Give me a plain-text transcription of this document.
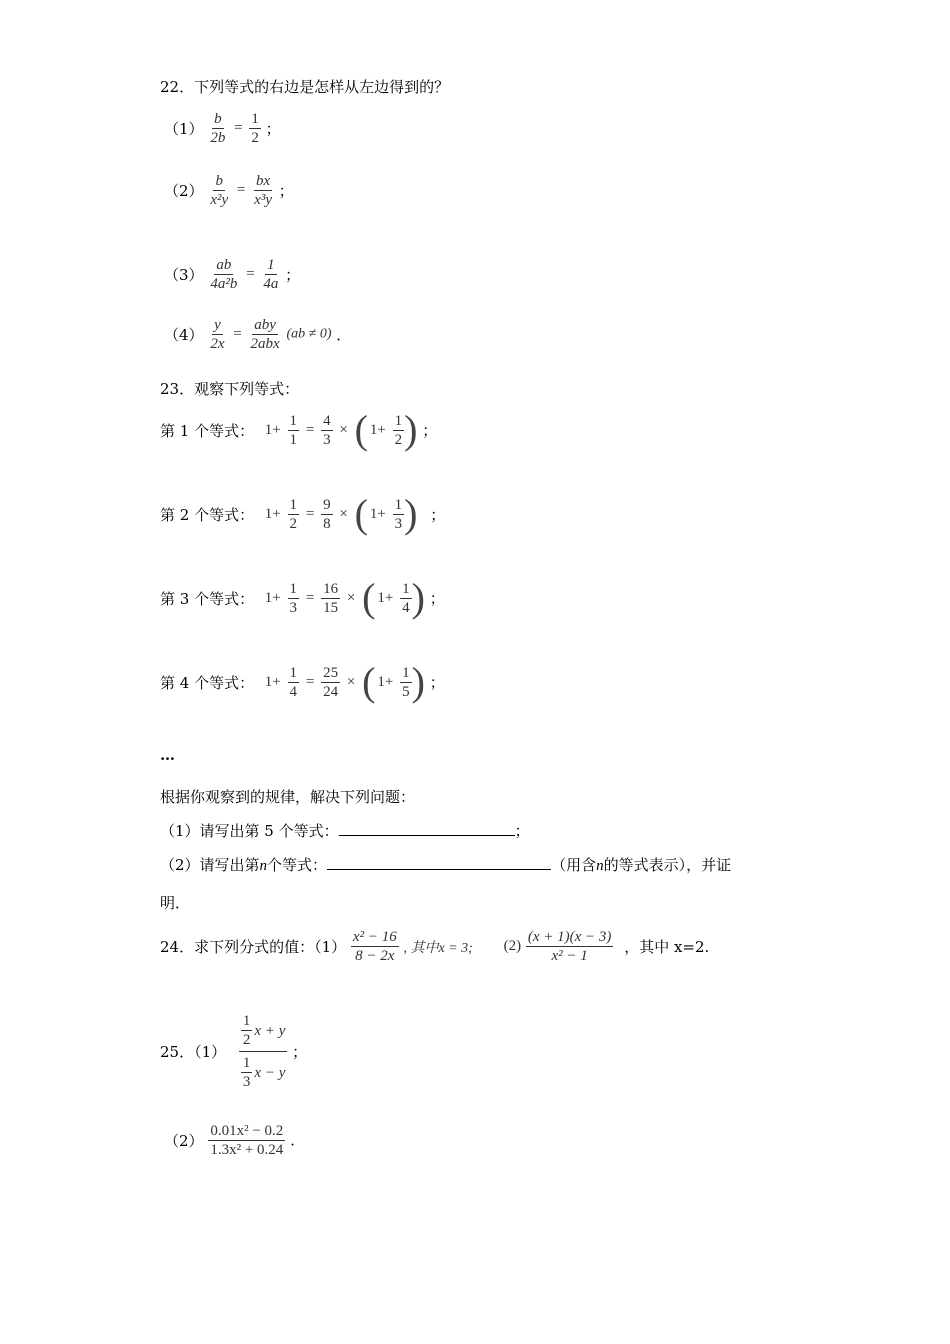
22．下列等式的右边是怎样从左边得到的？
$(1) \frac{b}{2b} = \frac{1}{2}$ ；
$(2) \frac{b}{\text{x²y}} = \frac{bx}{\text{x³y}}$ ；
$(3) \frac{ab}{\text{4a²b}} = \frac{1}{4a}$ ；
$(4) \frac{y}{2x} = \frac{\text{aby}}{\text{2abx}} (ab \ne 0)$ ．
23．观察下列等式：
第 1 个等式： $1+ \frac{1}{1} = \frac{4}{3}$ × ( $1+ \frac{1}{2}$ ) ；
第 2 个等式： $1+ \frac{1}{2} = \frac{9}{8}$ × ( $1+ \frac{1}{3}$ ) ；
第 3 个等式： $1+ \frac{1}{3} = \frac{16}{15}$ × ( $1+ \frac{1}{4}$ ) ；
第 4 个等式： $1+ \frac{1}{4} = \frac{25}{24}$ × ( $1+ \frac{1}{5}$ ) ；
…
根据你观察到的规律，解决下列问题：
（1）请写出第 5 个等式：	；
（2）请写出第n个等式：	（用含n的等式表示），并证
明．
24．求下列分式的值：$(1) \frac{\text{x² − 16}}{8 - 2x}$ , 其中x = 3; $(2) \frac{(x + 1)(x - 3)}{\text{x² − 1}}$ ，其中 x=2.
25．$(1) \frac{\frac{1}{2} x + y}{\frac{1}{3} x - y}$ ；
$(2) \frac{\text{0.01x² − 0.2}}{\text{1.3x² + 0.24}}$ .
